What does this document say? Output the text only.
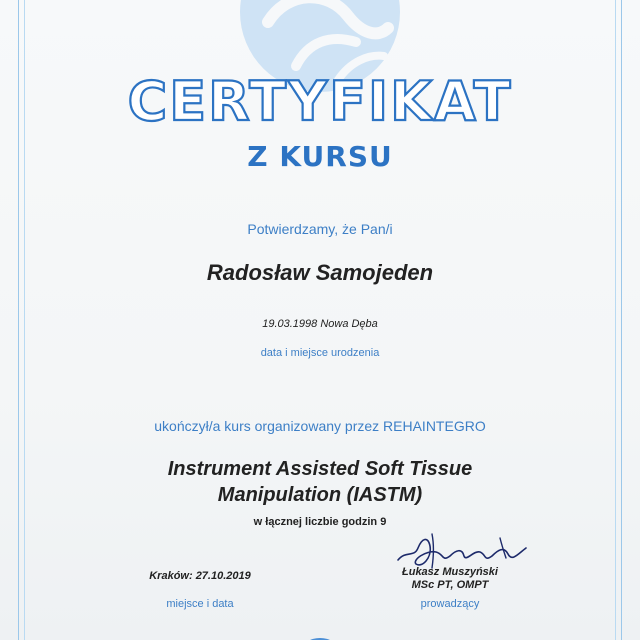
CERTYFIKAT
Z KURSU
Potwierdzamy, że Pan/i
Radosław Samojeden
19.03.1998 Nowa Dęba
data i miejsce urodzenia
ukończył/a kurs organizowany przez REHAINTEGRO
Instrument Assisted Soft Tissue
Manipulation (IASTM)
w łącznej liczbie godzin 9
Kraków: 27.10.2019
miejsce i data
Łukasz Muszyński
MSc PT, OMPT
prowadzący
